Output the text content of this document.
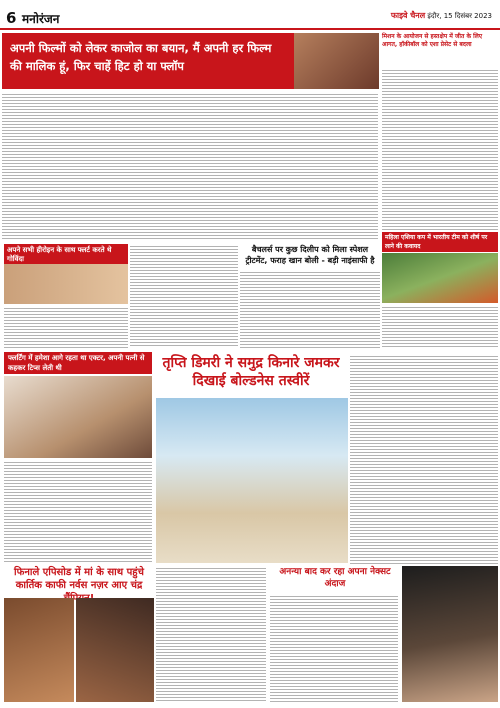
6 मनोरंजन	फाइवे चैनल इंदौर, 15 दिसंबर 2023
अपनी फिल्मों को लेकर काजोल का बयान, मैं अपनी हर फिल्म की मालिक हूं, फिर चाहें हिट हो या फ्लॉप
मिशन के आयोजन से हस्तक्षेप में जीत के लिए आगत, हॉकीबॉल को एशा प्रेसेट से बदला
महिला एशिया कप में भारतीय टीम को शीर्ष पर लाने की कवायद
अपने सभी हीरोइन के साथ फ्लर्ट करते थे गोविंदा
बैचलर्स पर कुछ दिलीप को मिला स्पेशल ट्रीटमेंट, फराह खान बोली - बड़ी नाइंसाफी है
फ्लर्टिंग में हमेशा आगे रहता था एक्टर, अपनी पत्नी से कहकर टिप्स लेती थी	तृप्ति डिमरी ने समुद्र किनारे जमकर दिखाई बोल्डनेस तस्वीरें
फिनाले एपिसोड में मां के साथ पहुंचे कार्तिक काफी नर्वस नज़र आए चंद्र
अनन्या बाद कर रहा अपना नेक्सट अंदाज
